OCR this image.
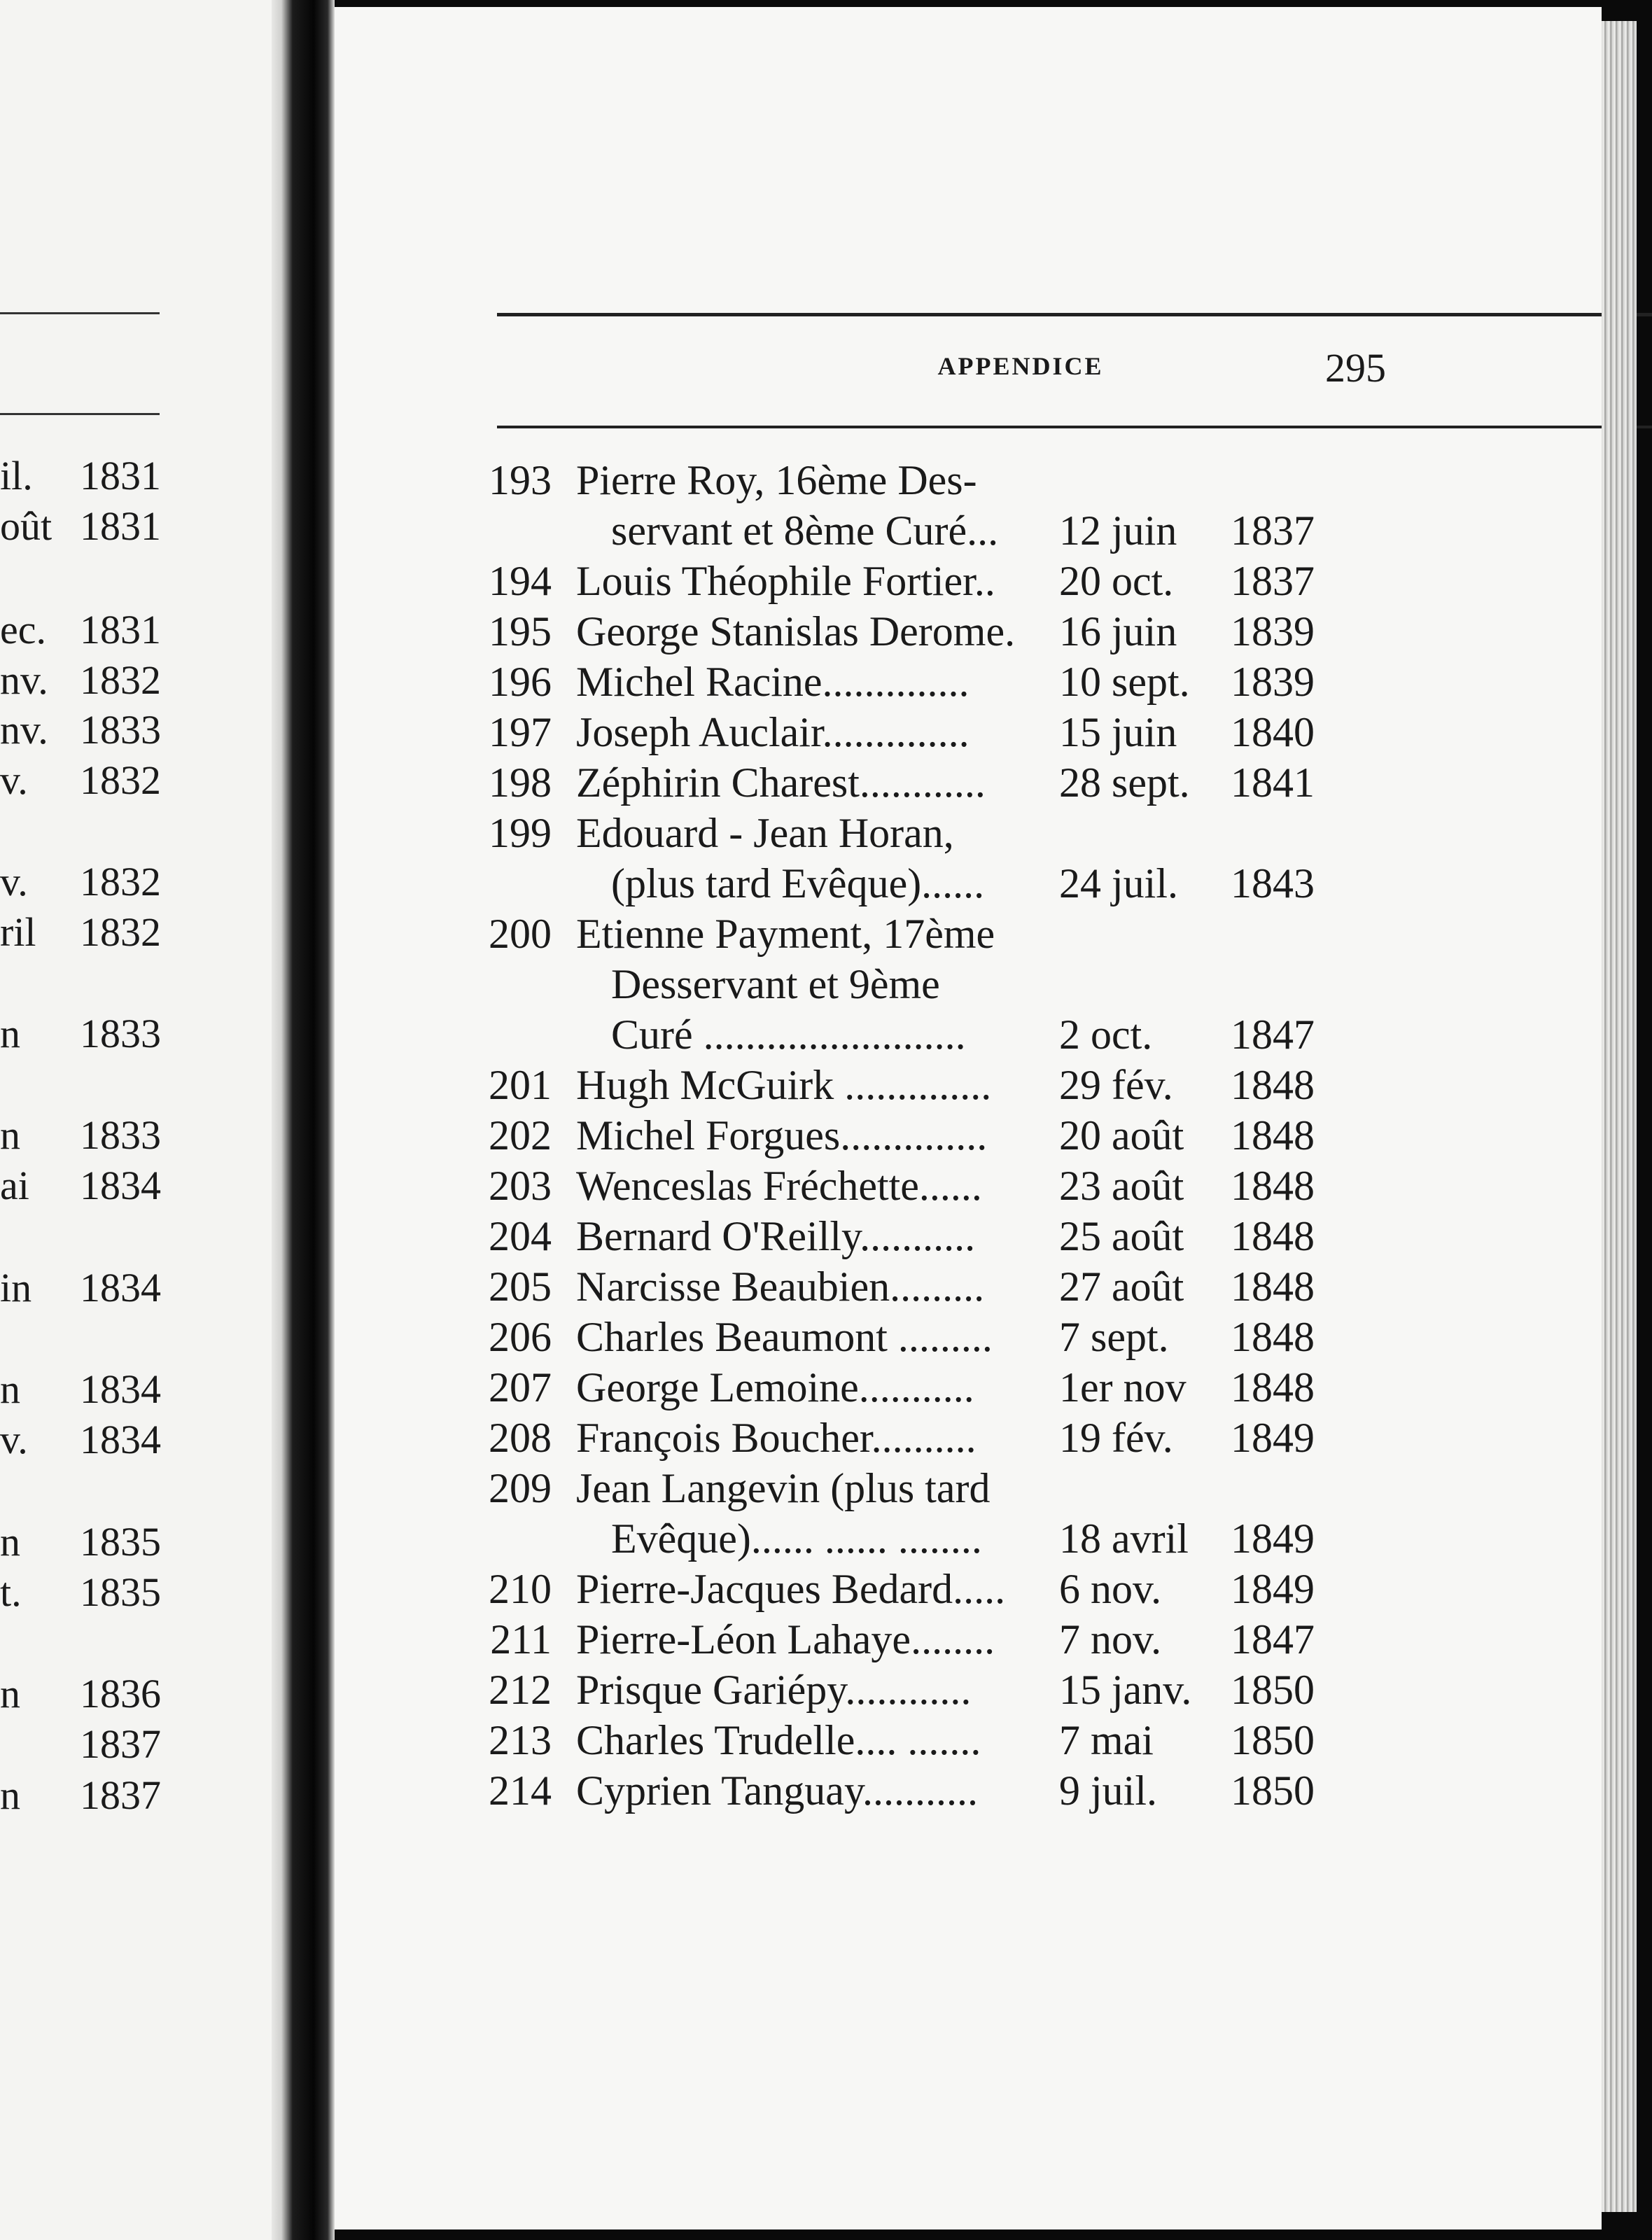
il. 1831
oût 1831
ec. 1831
nv. 1832
nv. 1833
v. 1832
v. 1832
ril 1832
n 1833
n 1833
ai 1834
in 1834
n 1834
v. 1834
n 1835
t. 1835
n 1836
1837
n 1837
APPENDICE	295
193 Pierre Roy, 16ème Des-
servant et 8ème Curé... 12 juin	1837
194 Louis Théophile Fortier.. 20 oct.	1837
195 George Stanislas Derome. 16 juin	1839
196 Michel Racine.............. 10 sept. 1839
197 Joseph Auclair.............. 15 juin	1840
198 Zéphirin Charest............ 28 sept. 1841
199 Edouard - Jean Horan,
(plus tard Evêque)...... 24 juil.	1843
200 Etienne Payment, 17ème
Desservant et 9ème
Curé ......................... 2 oct.	1847
201 Hugh McGuirk .............. 29 fév.	1848
202 Michel Forgues.............. 20 août	1848
203 Wenceslas Fréchette...... 23 août	1848
204 Bernard O'Reilly........... 25 août	1848
205 Narcisse Beaubien......... 27 août	1848
206 Charles Beaumont ......... 7 sept.	1848
207 George Lemoine........... 1er nov	1848
208 François Boucher.......... 19 fév.	1849
209 Jean Langevin (plus tard
Evêque)...... ...... ........ 18 avril	1849
210 Pierre-Jacques Bedard..... 6 nov.	1849
211 Pierre-Léon Lahaye........ 7 nov.	1847
212 Prisque Gariépy............ 15 janv. 1850
213 Charles Trudelle.... ....... 7 mai	1850
214 Cyprien Tanguay........... 9 juil.	1850
